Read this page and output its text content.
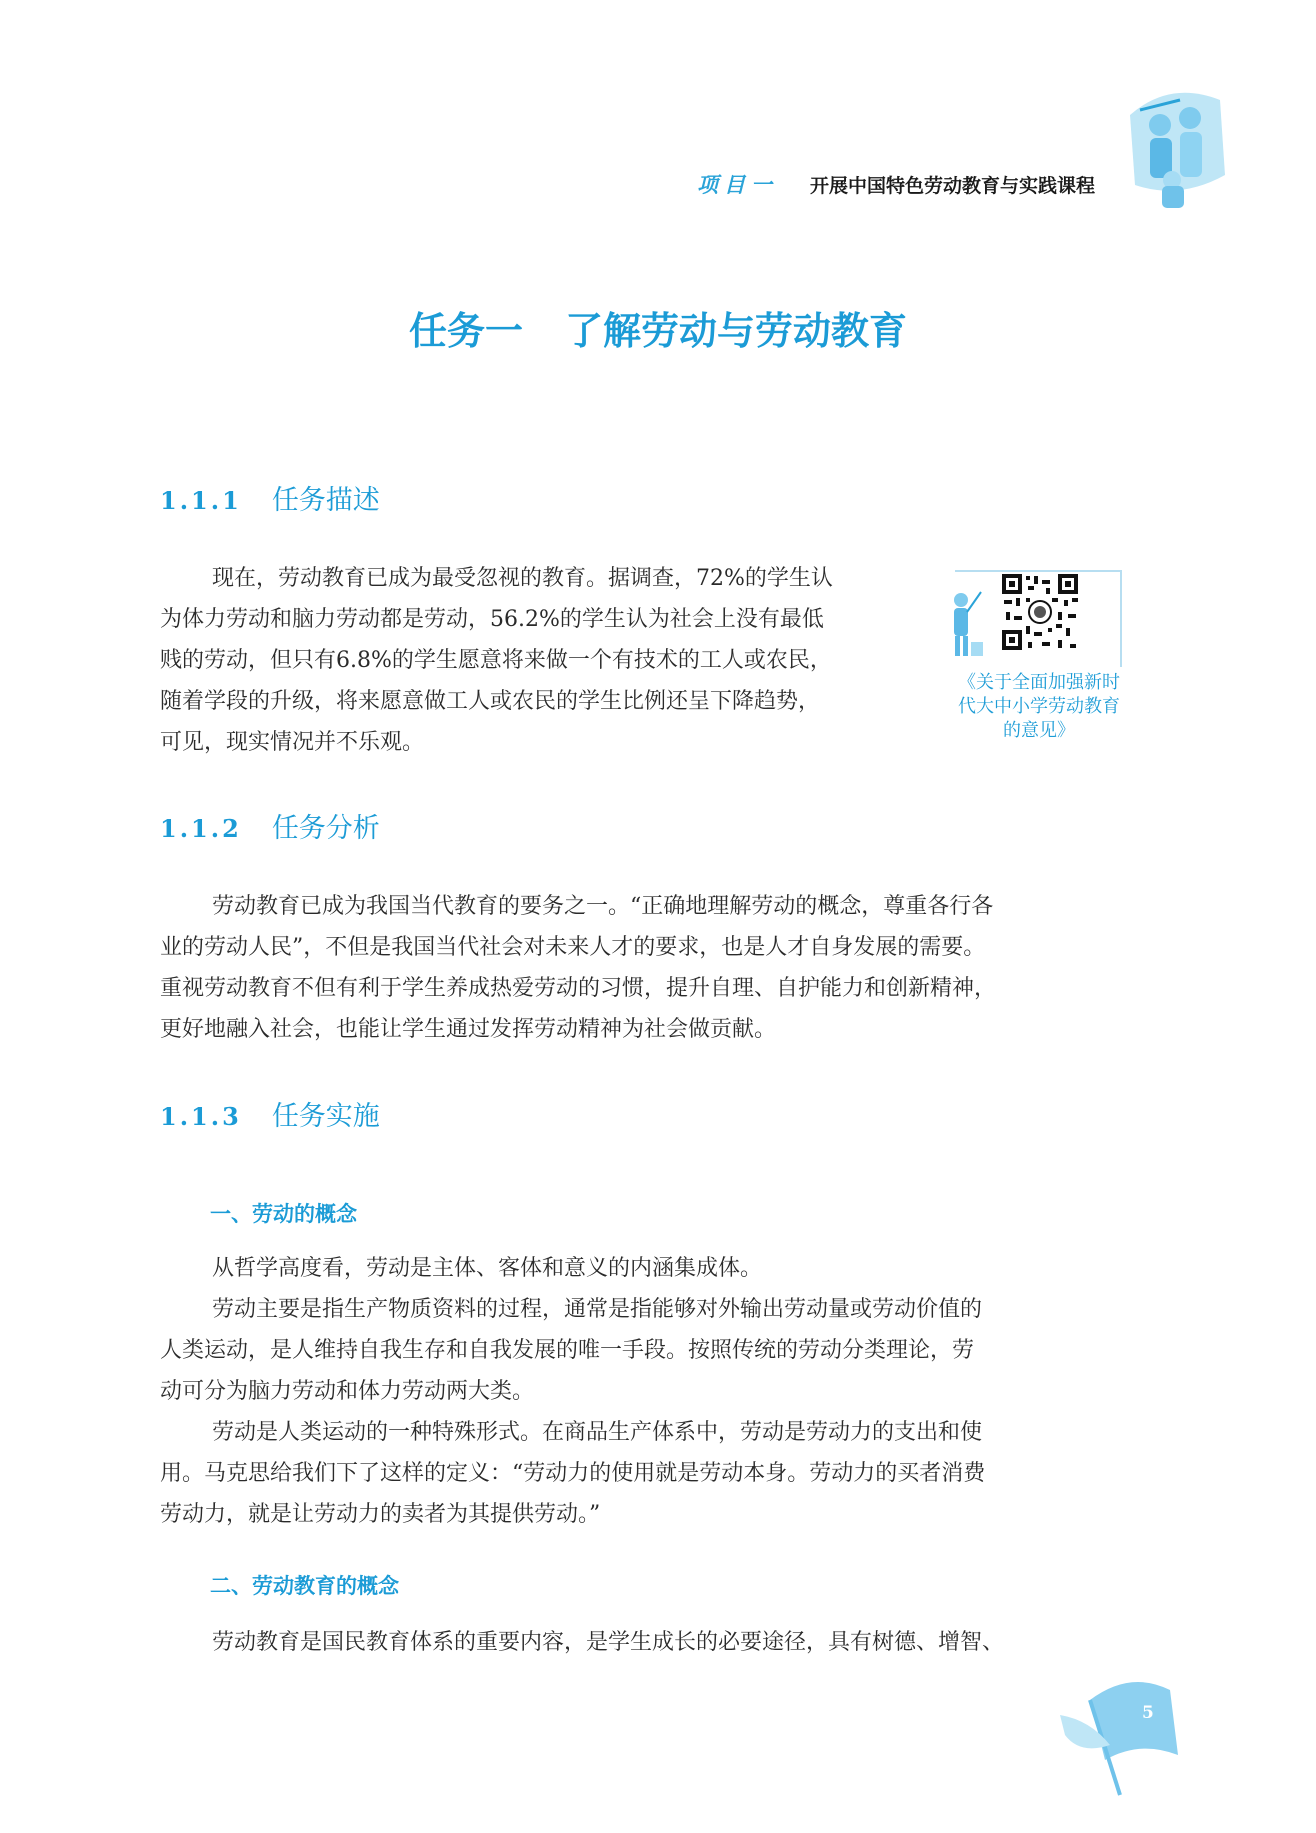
项目一 开展中国特色劳动教育与实践课程
任务一 了解劳动与劳动教育
1.1.1 任务描述

现在，劳动教育已成为最受忽视的教育。据调查，72%的学生认
为体力劳动和脑力劳动都是劳动，56.2%的学生认为社会上没有最低
贱的劳动，但只有6.8%的学生愿意将来做一个有技术的工人或农民，
随着学段的升级，将来愿意做工人或农民的学生比例还呈下降趋势，
可见，现实情况并不乐观。

《关于全面加强新时代大中小学劳动教育的意见》
1.1.2 任务分析

劳动教育已成为我国当代教育的要务之一。“正确地理解劳动的概念，尊重各行各
业的劳动人民”，不但是我国当代社会对未来人才的要求，也是人才自身发展的需要。
重视劳动教育不但有利于学生养成热爱劳动的习惯，提升自理、自护能力和创新精神，
更好地融入社会，也能让学生通过发挥劳动精神为社会做贡献。

1.1.3 任务实施
一、劳动的概念

从哲学高度看，劳动是主体、客体和意义的内涵集成体。

劳动主要是指生产物质资料的过程，通常是指能够对外输出劳动量或劳动价值的
人类运动，是人维持自我生存和自我发展的唯一手段。按照传统的劳动分类理论，劳
动可分为脑力劳动和体力劳动两大类。

劳动是人类运动的一种特殊形式。在商品生产体系中，劳动是劳动力的支出和使
用。马克思给我们下了这样的定义：“劳动力的使用就是劳动本身。劳动力的买者消费
劳动力，就是让劳动力的卖者为其提供劳动。”

二、劳动教育的概念

劳动教育是国民教育体系的重要内容，是学生成长的必要途径，具有树德、增智、

5
